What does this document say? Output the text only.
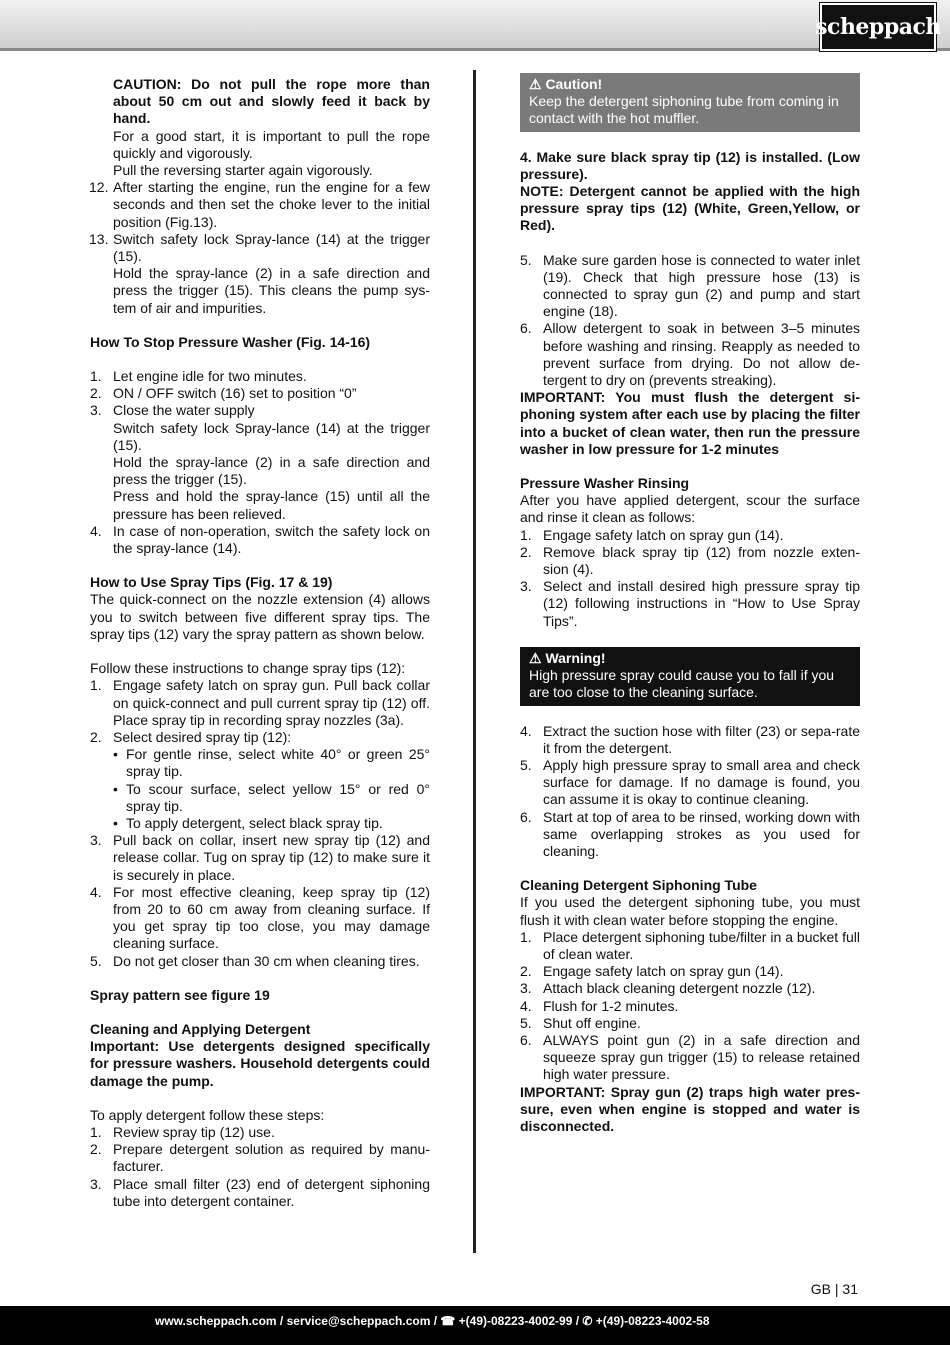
scheppach

CAUTION: Do not pull the rope more than about 50 cm out and slowly feed it back by hand.

For a good start, it is important to pull the rope quickly and vigorously.

Pull the reversing starter again vigorously.

12. After starting the engine, run the engine for a few seconds and then set the choke lever to the initial position (Fig.13).
13. Switch safety lock Spray-lance (14) at the trigger (15).

Hold the spray-lance (2) in a safe direction and press the trigger (15). This cleans the pump sys-tem of air and impurities.

How To Stop Pressure Washer (Fig. 14-16)

1. Let engine idle for two minutes.
2. ON / OFF switch (16) set to position “0”
3. Close the water supply

Switch safety lock Spray-lance (14) at the trigger (15).

Hold the spray-lance (2) in a safe direction and press the trigger (15).

Press and hold the spray-lance (15) until all the pressure has been relieved.

4. In case of non-operation, switch the safety lock on the spray-lance (14).

How to Use Spray Tips (Fig. 17 & 19)

The quick-connect on the nozzle extension (4) allows you to switch between five different spray tips. The spray tips (12) vary the spray pattern as shown below.

Follow these instructions to change spray tips (12):

1. Engage safety latch on spray gun. Pull back collar on quick-connect and pull current spray tip (12) off. Place spray tip in recording spray nozzles (3a).
2. Select desired spray tip (12):
• For gentle rinse, select white 40° or green 25° spray tip.
• To scour surface, select yellow 15° or red 0° spray tip.
• To apply detergent, select black spray tip.
3. Pull back on collar, insert new spray tip (12) and release collar. Tug on spray tip (12) to make sure it is securely in place.
4. For most effective cleaning, keep spray tip (12) from 20 to 60 cm away from cleaning surface. If you get spray tip too close, you may damage cleaning surface.
5. Do not get closer than 30 cm when cleaning tires.

Spray pattern see figure 19

Cleaning and Applying Detergent

Important: Use detergents designed specifically for pressure washers. Household detergents could damage the pump.

To apply detergent follow these steps:

1. Review spray tip (12) use.
2. Prepare detergent solution as required by manu-facturer.
3. Place small filter (23) end of detergent siphoning tube into detergent container.
⚠ Caution!
Keep the detergent siphoning tube from coming in contact with the hot muffler.

4. Make sure black spray tip (12) is installed. (Low pressure).

NOTE: Detergent cannot be applied with the high pressure spray tips (12) (White, Green,Yellow, or Red).

5. Make sure garden hose is connected to water inlet (19). Check that high pressure hose (13) is connected to spray gun (2) and pump and start engine (18).
6. Allow detergent to soak in between 3–5 minutes before washing and rinsing. Reapply as needed to prevent surface from drying. Do not allow de-tergent to dry on (prevents streaking).

IMPORTANT: You must flush the detergent si-phoning system after each use by placing the filter into a bucket of clean water, then run the pressure washer in low pressure for 1-2 minutes

Pressure Washer Rinsing

After you have applied detergent, scour the surface and rinse it clean as follows:

1. Engage safety latch on spray gun (14).
2. Remove black spray tip (12) from nozzle exten-sion (4).
3. Select and install desired high pressure spray tip (12) following instructions in “How to Use Spray Tips”.
⚠ Warning!
High pressure spray could cause you to fall if you are too close to the cleaning surface.
4. Extract the suction hose with filter (23) or sepa-rate it from the detergent.
5. Apply high pressure spray to small area and check surface for damage. If no damage is found, you can assume it is okay to continue cleaning.
6. Start at top of area to be rinsed, working down with same overlapping strokes as you used for cleaning.

Cleaning Detergent Siphoning Tube

If you used the detergent siphoning tube, you must flush it with clean water before stopping the engine.

1. Place detergent siphoning tube/filter in a bucket full of clean water.
2. Engage safety latch on spray gun (14).
3. Attach black cleaning detergent nozzle (12).
4. Flush for 1-2 minutes.
5. Shut off engine.
6. ALWAYS point gun (2) in a safe direction and squeeze spray gun trigger (15) to release retained high water pressure.

IMPORTANT: Spray gun (2) traps high water pres-sure, even when engine is stopped and water is disconnected.

GB | 31
www.scheppach.com / service@scheppach.com / ☎ +(49)-08223-4002-99 / ✆ +(49)-08223-4002-58
